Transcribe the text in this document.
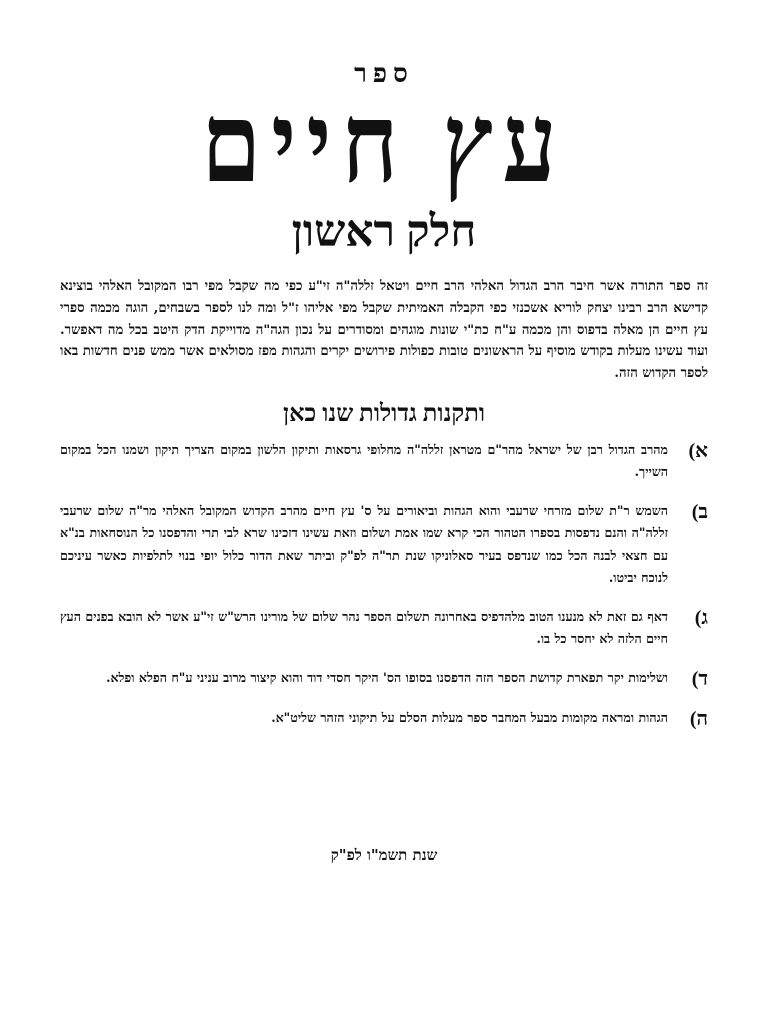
ספר
עץ חיים
חלק ראשון
זה ספר התורה אשר חיבר הרב הגדול האלהי הרב חיים ויטאל זללה"ה זי"ע כפי מה שקבל מפי רבו המקובל האלהי בוצינא קדישא הרב רבינו יצחק לוריא אשכנזי כפי הקבלה האמיתית שקבל מפי אליהו ז"ל ומה לנו לספר בשבחים, הוגה מכמה ספרי עץ חיים הן מאלה בדפוס והן מכמה ע"ח כת"י שונות מוגהים ומסודרים על נכון הגה"ה מדוייקת הדק היטב בכל מה דאפשר. ועוד עשינו מעלות בקודש מוסיף על הראשונים טובות כפולות פירושים יקרים והגהות מפז מסולאים אשר ממש פנים חדשות באו לספר הקדוש הזה.
ותקנות גדולות שנו כאן
א)
מהרב הגדול רבן של ישראל מהר"ם מטראן זללה"ה מחלופי גרסאות ותיקון הלשון במקום הצריך תיקון ושמנו הכל במקום השייך.
ב)
השמש ר"ת שלום מזרחי שרעבי והוא הגהות וביאורים על ס' עץ חיים מהרב הקדוש המקובל האלהי מר"ה שלום שרעבי זללה"ה והנם נדפסות בספרו הטהור הכי קרא שמו אמת ושלום וזאת עשינו דזכינו שרא לבי תרי והדפסנו כל הנוסחאות בנ"א עם חצאי לבנה הכל כמו שנדפס בעיר סאלוניקו שנת תר"ה לפ"ק וביתר שאת הדור כלול יופי בנוי לתלפיות כאשר עיניכם לנוכח יביטו.
ג)
דאף גם זאת לא מנענו הטוב מלהדפיס באחרונה תשלום הספר נהר שלום של מורינו הרש"ש זי"ע אשר לא הובא בפנים העץ חיים הלזה לא יחסר כל בו.
ד)
ושלימות יקר תפארת קדושת הספר הזה הדפסנו בסופו הס' היקר חסדי דוד והוא קיצור מרוב עניני ע"ח הפלא ופלא.
ה)
הגהות ומראה מקומות מבעל המחבר ספר מעלות הסלם על תיקוני הזהר שליט"א.
שנת תשמ"ו לפ"ק
